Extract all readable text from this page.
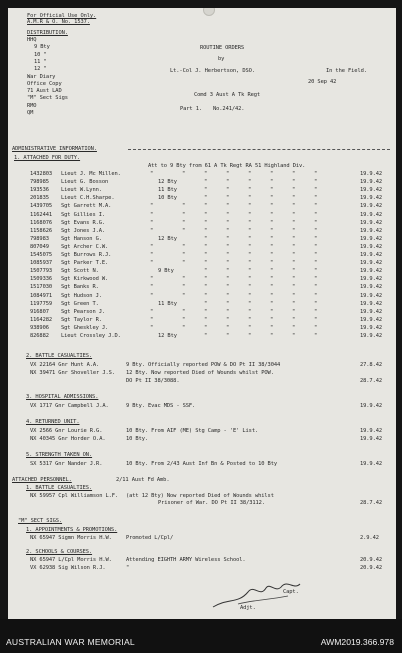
For Official Use Only.
A.M.R & O. No. 1537.
DISTRIBUTION.
ROUTINE ORDERS
by
Lt.-Col J. Herbertson, DSO.	In the Field.
20 Sep 42
Comd 3 Aust A Tk Regt
Part 1. No.241/42.
ADMINISTRATIVE INFORMATION.
1. ATTACHED FOR DUTY.
Att to 9 Bty from 61 A Tk Regt RA 51 Highland Div.
Capt.
Adjt.
HHQ
9 Bty
10 "
11 "
12 "
War Diary
Office Copy
71 Aust LAD
"M" Sect Sigs
RMO
QM
1432803 Lieut J. Mc Millen.	"	"	"	"	"	"	"	"	19.9.42
798985 Lieut G. Bosson	12 Bty	"	"	"	"	"	"	19.9.42
193536 Lieut W.Lynn.	11 Bty	"	"	"	"	"	"	19.9.42
201835 Lieut C.H.Sharpe.	10 Bty	"	"	"	"	"	"	19.9.42
1439705 Sgt Garrett M.A.	"	"	"	"	"	"	"	"	19.9.42
1162441 Sgt Gillies I.	"	"	"	"	"	"	"	"	19.9.42
1168076 Sgt Evans R.G.	"	"	"	"	"	"	"	"	19.9.42
1158626 Sgt Jones J.A.	"	"	"	"	"	"	"	"	19.9.42
798983 Sgt Hanson G.	12 Bty	"	"	"	"	"	"	19.9.42
807049 Sgt Archer C.W.	"	"	"	"	"	"	"	"	19.9.42
1545075 Sgt Burrows R.J.	"	"	"	"	"	"	"	"	19.9.42
1085937 Sgt Parker T.E.	"	"	"	"	"	"	"	"	19.9.42
1507793 Sgt Scott N.	9 Bty	"	"	"	"	"	"	19.9.42
1509336 Sgt Kirkwood W.	"	"	"	"	"	"	"	"	19.9.42
1517030 Sgt Banks R.	"	"	"	"	"	"	"	"	19.9.42
1084971 Sgt Hudson J.	"	"	"	"	"	"	"	"	19.9.42
1197759 Sgt Green T.	11 Bty	"	"	"	"	"	"	19.9.42
916807 Sgt Pearson J.	"	"	"	"	"	"	"	"	19.9.42
1164282 Sgt Taylor R.	"	"	"	"	"	"	"	"	19.9.42
938906 Sgt Gheskley J.	"	"	"	"	"	"	"	"	19.9.42
826882 Lieut Crossley J.D.	12 Bty	"	"	"	"	"	"	19.9.42
2. BATTLE CASUALTIES.
VX 22164 Gnr Hunt A.A.	9 Bty. Officially reported POW & DO Pt II 38/3044	27.8.42
NX 39471 Gnr Shoveller J.S. 12 Bty. Now reported Died of Wounds whilst POW.
DO Pt II 38/3088.	28.7.42
3. HOSPITAL ADMISSIONS.
VX 1717 Gnr Campbell J.A.	9 Bty. Evac MDS - SSF.	19.9.42
4. RETURNED UNIT.
VX 2566 Gnr Lourie R.G.	10 Bty. From AIF (ME) Stg Camp - 'E' List.	19.9.42
NX 40345 Gnr Horder O.A.	10 Bty.	19.9.42
5. STRENGTH TAKEN ON.
SX 5317 Gnr Nander J.R.	10 Bty. From 2/43 Aust Inf Bn & Posted to 10 Bty	19.9.42
ATTACHED PERSONNEL.	2/11 Aust Fd Amb.
1. BATTLE CASUALTIES.
NX 59957 Cpl Williamson L.F. (att 12 Bty) Now reported Died of Wounds whilst
Prisoner of War. DO Pt II 38/3112.	28.7.42
"M" SECT SIGS.
1. APPOINTMENTS & PROMOTIONS.
NX 65947 Sigmn Morris H.W.	Promoted L/Cpl/	2.9.42
2. SCHOOLS & COURSES.
NX 65947 L/Cpl Morris H.W.	Attending EIGHTH ARMY Wireless School.	20.9.42
VX 62938 Sig Wilson R.J.	"	20.9.42
AUSTRALIAN WAR MEMORIAL	AWM2019.366.978
